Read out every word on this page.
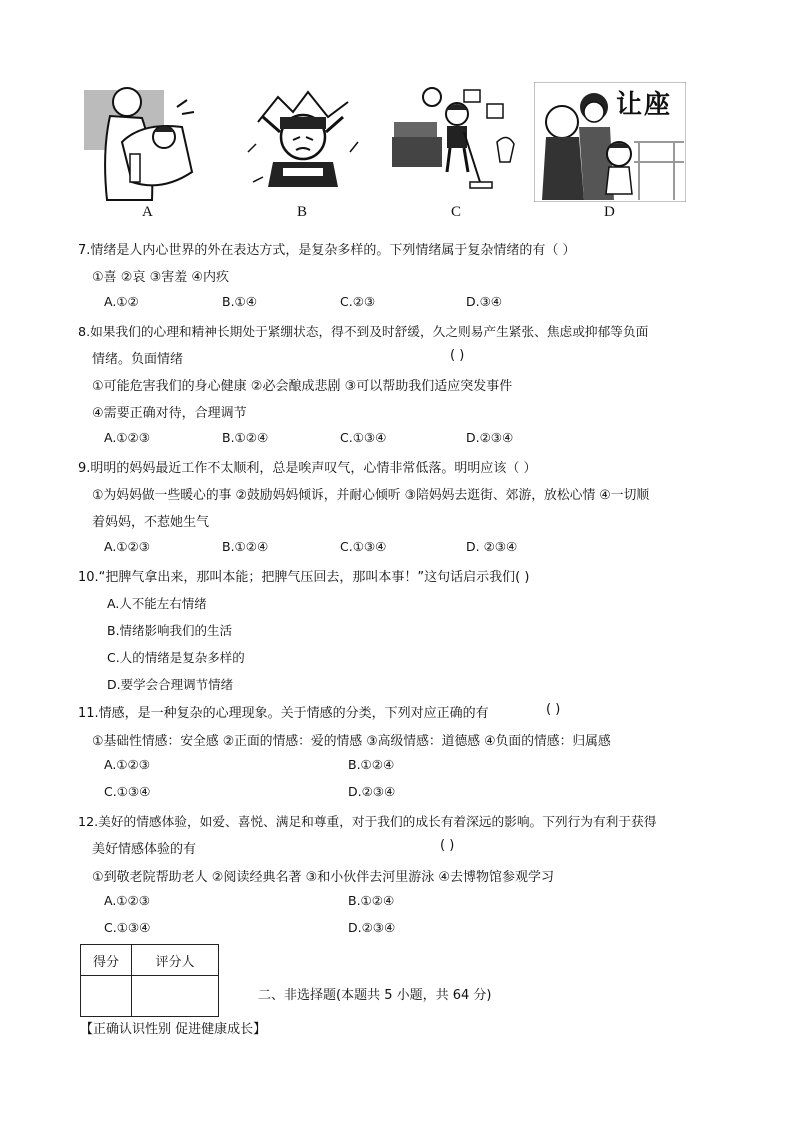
A	B	C
让座
D
7.情绪是人内心世界的外在表达方式，是复杂多样的。下列情绪属于复杂情绪的有（ ）
①喜 ②哀 ③害羞 ④内疚
A.①②	B.①④	C.②③	D.③④
8.如果我们的心理和精神长期处于紧绷状态，得不到及时舒缓，久之则易产生紧张、焦虑或抑郁等负面
情绪。负面情绪	( )
①可能危害我们的身心健康 ②必会酿成悲剧 ③可以帮助我们适应突发事件
④需要正确对待，合理调节
A.①②③	B.①②④	C.①③④	D.②③④
9.明明的妈妈最近工作不太顺利，总是唉声叹气，心情非常低落。明明应该（ ）
①为妈妈做一些暖心的事 ②鼓励妈妈倾诉，并耐心倾听 ③陪妈妈去逛街、郊游，放松心情 ④一切顺
着妈妈，不惹她生气
A.①②③	B.①②④	C.①③④	D. ②③④
10.“把脾气拿出来，那叫本能；把脾气压回去，那叫本事！”这句话启示我们( )
A.人不能左右情绪
B.情绪影响我们的生活
C.人的情绪是复杂多样的
D.要学会合理调节情绪
11.情感，是一种复杂的心理现象。关于情感的分类，下列对应正确的有	( )
①基础性情感：安全感 ②正面的情感：爱的情感 ③高级情感：道德感 ④负面的情感：归属感
A.①②③	B.①②④
C.①③④	D.②③④
12.美好的情感体验，如爱、喜悦、满足和尊重，对于我们的成长有着深远的影响。下列行为有利于获得
美好情感体验的有	( )
①到敬老院帮助老人 ②阅读经典名著 ③和小伙伴去河里游泳 ④去博物馆参观学习
A.①②③	B.①②④
C.①③④	D.②③④
得分	评分人

二、非选择题(本题共 5 小题，共 64 分)
【正确认识性别 促进健康成长】
